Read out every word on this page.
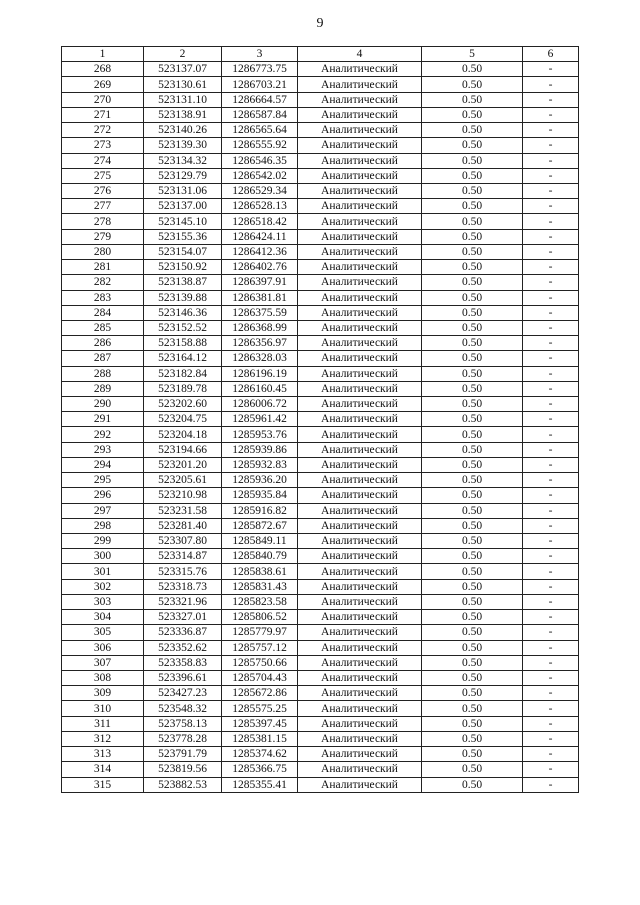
9
1	2	3	4	5	6
268	523137.07	1286773.75	Аналитический	0.50	-
269	523130.61	1286703.21	Аналитический	0.50	-
270	523131.10	1286664.57	Аналитический	0.50	-
271	523138.91	1286587.84	Аналитический	0.50	-
272	523140.26	1286565.64	Аналитический	0.50	-
273	523139.30	1286555.92	Аналитический	0.50	-
274	523134.32	1286546.35	Аналитический	0.50	-
275	523129.79	1286542.02	Аналитический	0.50	-
276	523131.06	1286529.34	Аналитический	0.50	-
277	523137.00	1286528.13	Аналитический	0.50	-
278	523145.10	1286518.42	Аналитический	0.50	-
279	523155.36	1286424.11	Аналитический	0.50	-
280	523154.07	1286412.36	Аналитический	0.50	-
281	523150.92	1286402.76	Аналитический	0.50	-
282	523138.87	1286397.91	Аналитический	0.50	-
283	523139.88	1286381.81	Аналитический	0.50	-
284	523146.36	1286375.59	Аналитический	0.50	-
285	523152.52	1286368.99	Аналитический	0.50	-
286	523158.88	1286356.97	Аналитический	0.50	-
287	523164.12	1286328.03	Аналитический	0.50	-
288	523182.84	1286196.19	Аналитический	0.50	-
289	523189.78	1286160.45	Аналитический	0.50	-
290	523202.60	1286006.72	Аналитический	0.50	-
291	523204.75	1285961.42	Аналитический	0.50	-
292	523204.18	1285953.76	Аналитический	0.50	-
293	523194.66	1285939.86	Аналитический	0.50	-
294	523201.20	1285932.83	Аналитический	0.50	-
295	523205.61	1285936.20	Аналитический	0.50	-
296	523210.98	1285935.84	Аналитический	0.50	-
297	523231.58	1285916.82	Аналитический	0.50	-
298	523281.40	1285872.67	Аналитический	0.50	-
299	523307.80	1285849.11	Аналитический	0.50	-
300	523314.87	1285840.79	Аналитический	0.50	-
301	523315.76	1285838.61	Аналитический	0.50	-
302	523318.73	1285831.43	Аналитический	0.50	-
303	523321.96	1285823.58	Аналитический	0.50	-
304	523327.01	1285806.52	Аналитический	0.50	-
305	523336.87	1285779.97	Аналитический	0.50	-
306	523352.62	1285757.12	Аналитический	0.50	-
307	523358.83	1285750.66	Аналитический	0.50	-
308	523396.61	1285704.43	Аналитический	0.50	-
309	523427.23	1285672.86	Аналитический	0.50	-
310	523548.32	1285575.25	Аналитический	0.50	-
311	523758.13	1285397.45	Аналитический	0.50	-
312	523778.28	1285381.15	Аналитический	0.50	-
313	523791.79	1285374.62	Аналитический	0.50	-
314	523819.56	1285366.75	Аналитический	0.50	-
315	523882.53	1285355.41	Аналитический	0.50	-
